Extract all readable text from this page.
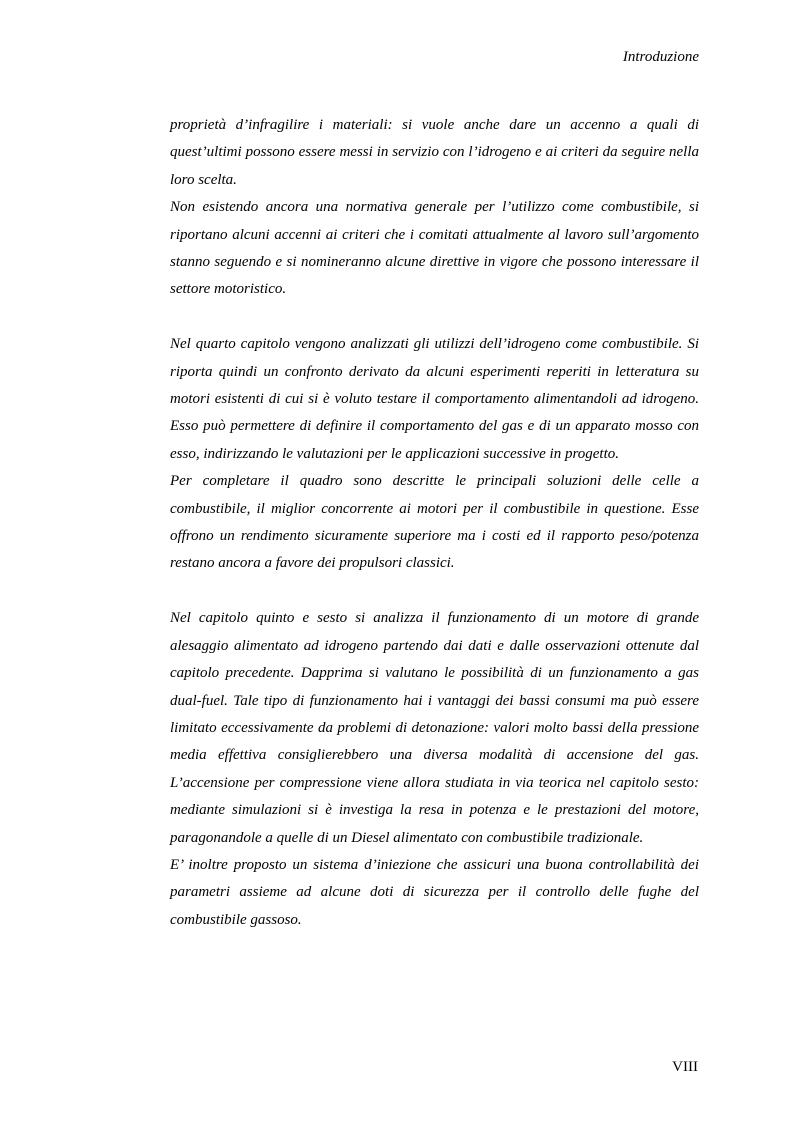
Introduzione

proprietà d’infragilire i materiali: si vuole anche dare un accenno a quali di quest’ultimi possono essere messi in servizio con l’idrogeno e ai criteri da seguire nella loro scelta.

Non esistendo ancora una normativa generale per l’utilizzo come combustibile, si riportano alcuni accenni ai criteri che i comitati attualmente al lavoro sull’argomento stanno seguendo e si nomineranno alcune direttive in vigore che possono interessare il settore motoristico.

Nel quarto capitolo vengono analizzati gli utilizzi dell’idrogeno come combustibile. Si riporta quindi un confronto derivato da alcuni esperimenti reperiti in letteratura su motori esistenti di cui si è voluto testare il comportamento alimentandoli ad idrogeno. Esso può permettere di definire il comportamento del gas e di un apparato mosso con esso, indirizzando le valutazioni per le applicazioni successive in progetto.

Per completare il quadro sono descritte le principali soluzioni delle celle a combustibile, il miglior concorrente ai motori per il combustibile in questione. Esse offrono un rendimento sicuramente superiore ma i costi ed il rapporto peso/potenza restano ancora a favore dei propulsori classici.

Nel capitolo quinto e sesto si analizza il funzionamento di un motore di grande alesaggio alimentato ad idrogeno partendo dai dati e dalle osservazioni ottenute dal capitolo precedente. Dapprima si valutano le possibilità di un funzionamento a gas dual-fuel. Tale tipo di funzionamento hai i vantaggi dei bassi consumi ma può essere limitato eccessivamente da problemi di detonazione: valori molto bassi della pressione media effettiva consiglierebbero una diversa modalità di accensione del gas. L’accensione per compressione viene allora studiata in via teorica nel capitolo sesto: mediante simulazioni si è investiga la resa in potenza e le prestazioni del motore, paragonandole a quelle di un Diesel alimentato con combustibile tradizionale.

E’ inoltre proposto un sistema d’iniezione che assicuri una buona controllabilità dei parametri assieme ad alcune doti di sicurezza per il controllo delle fughe del combustibile gassoso.

VIII
